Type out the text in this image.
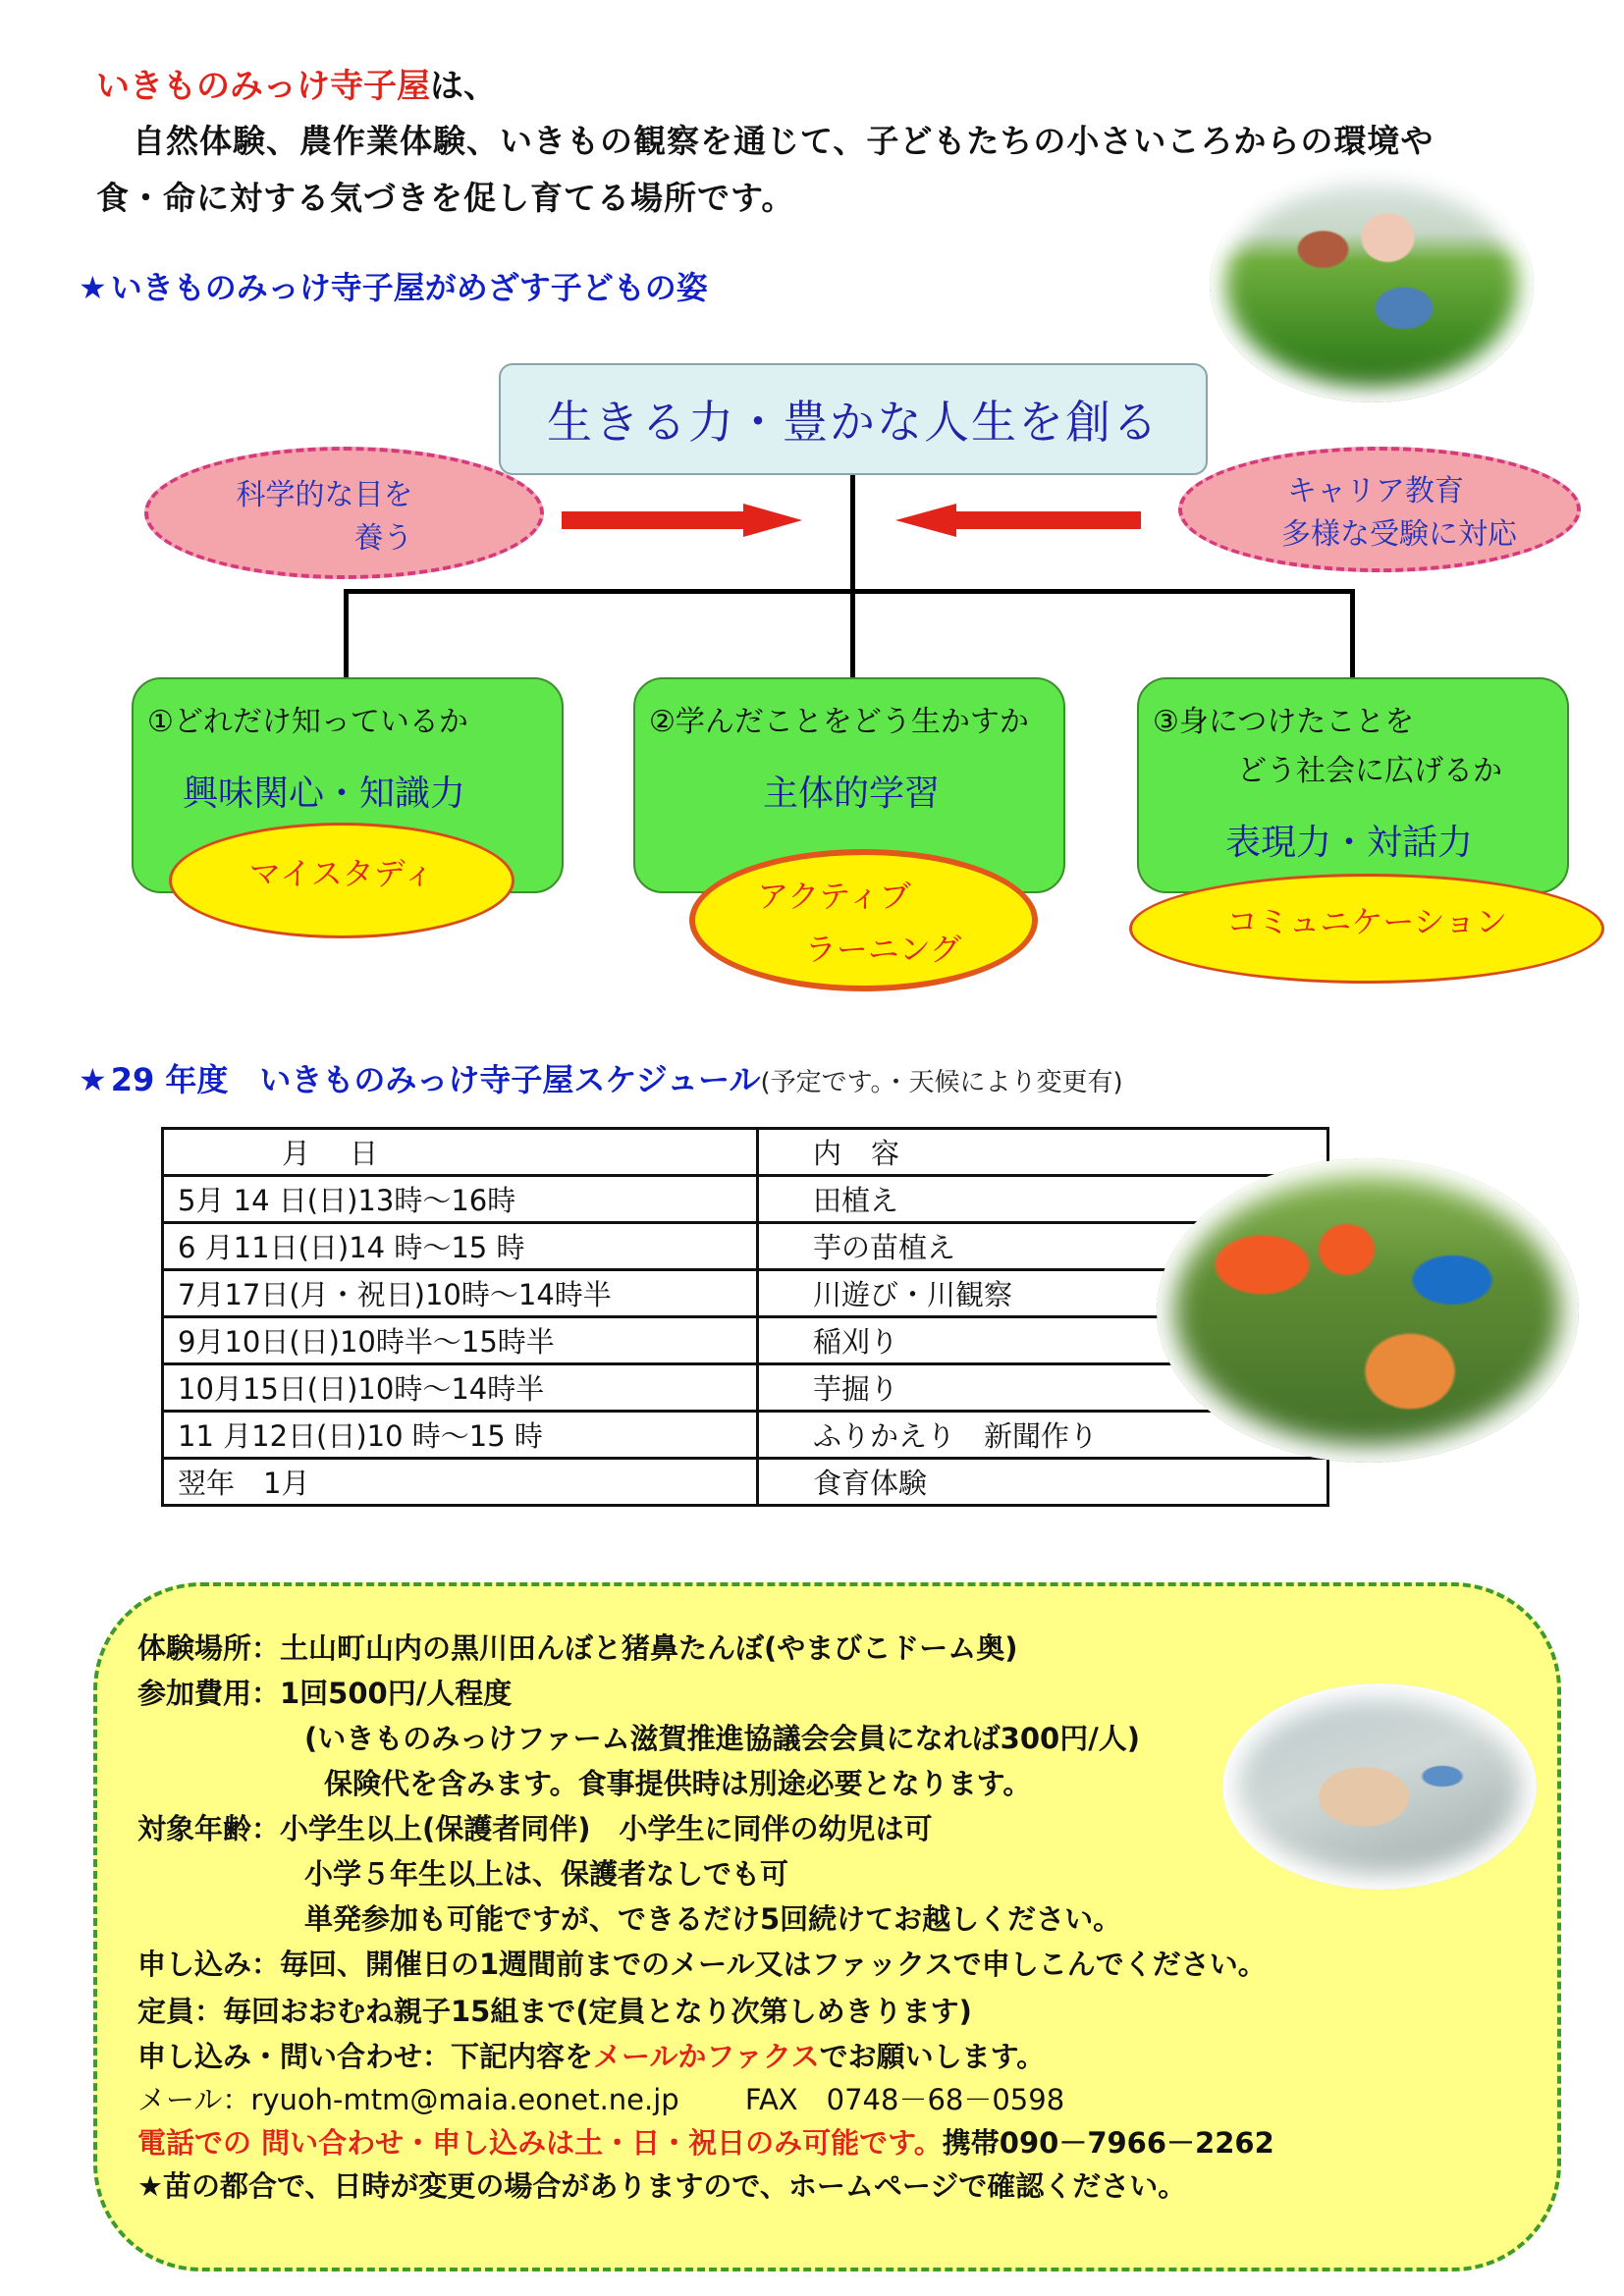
いきものみっけ寺子屋は、
自然体験、農作業体験、いきもの観察を通じて、子どもたちの小さいころからの環境や
食・命に対する気づきを促し育てる場所です。
★ いきものみっけ寺子屋がめざす子どもの姿
生きる力・豊かな人生を創る
科学的な目を
養う
キャリア教育
多様な受験に対応
①どれだけ知っているか
興味関心・知識力
②学んだことをどう生かすか
主体的学習
③身につけたことを
どう社会に広げるか
表現力・対話力
マイスタディ
アクティブ
ラーニング
コミュニケーション
★ 29 年度　いきものみっけ寺子屋スケジュール(予定です。・天候により変更有)
月日	内容
5月 14 日(日)13時～16時	田植え
6 月11日(日)14 時～15 時	芋の苗植え
7月17日(月・祝日)10時～14時半	川遊び・川観察
9月10日(日)10時半～15時半	稲刈り
10月15日(日)10時～14時半	芋掘り
11 月12日(日)10 時～15 時	ふりかえり　新聞作り
翌年　1月	食育体験
体験場所：土山町山内の黒川田んぼと猪鼻たんぼ(やまびこドーム奥)
参加費用：1回500円/人程度
(いきものみっけファーム滋賀推進協議会会員になれば300円/人)
保険代を含みます。食事提供時は別途必要となります。
対象年齢：小学生以上(保護者同伴)　小学生に同伴の幼児は可
小学５年生以上は、保護者なしでも可
単発参加も可能ですが、できるだけ5回続けてお越しください。
申し込み：毎回、開催日の1週間前までのメール又はファックスで申しこんでください。
定員：毎回おおむね親子15組まで(定員となり次第しめきります)
申し込み・問い合わせ：下記内容をメールかファクスでお願いします。
メール：ryuoh-mtm@maia.eonet.ne.jp　　 FAX　0748－68－0598
電話での 問い合わせ・申し込みは土・日・祝日のみ可能です。携帯090－7966－2262
★苗の都合で、日時が変更の場合がありますので、ホームページで確認ください。
